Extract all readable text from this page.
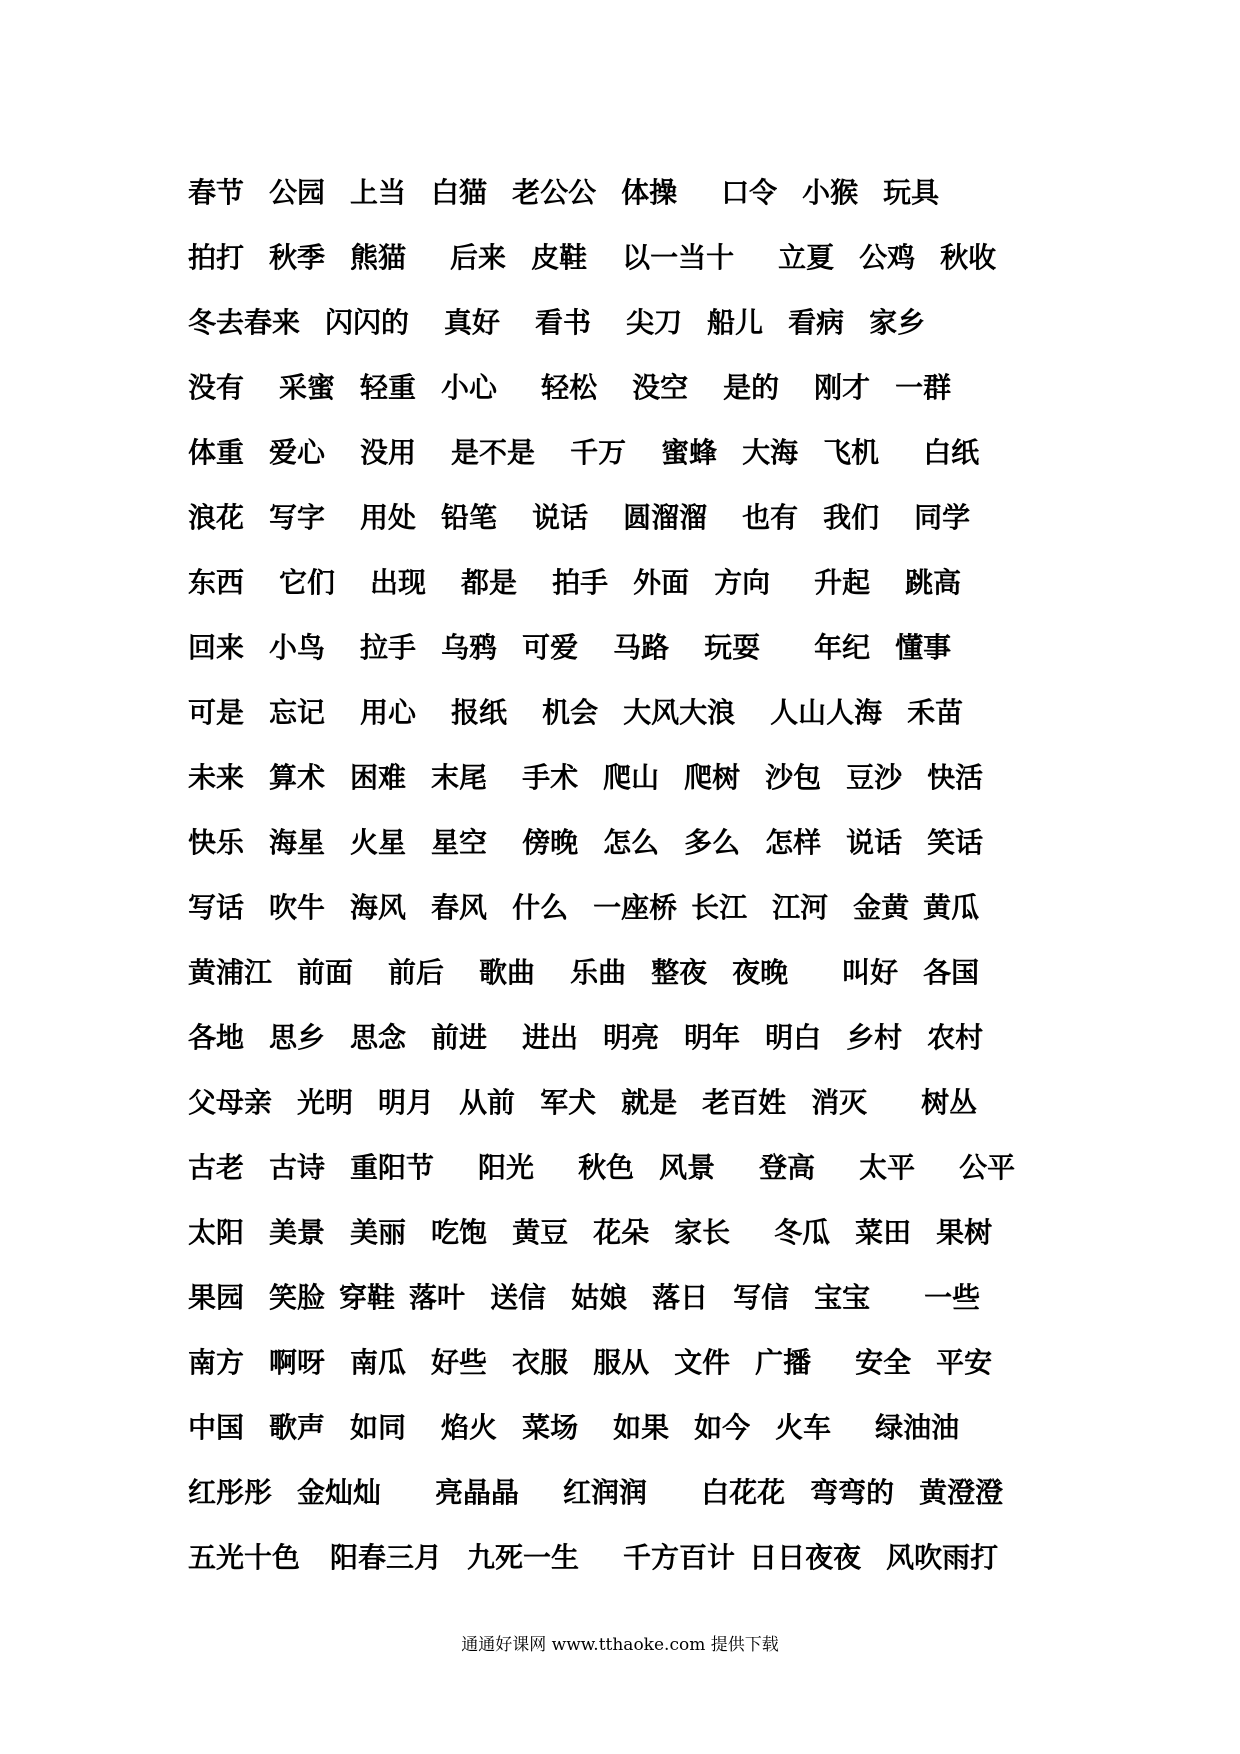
春节 公园 上当 白猫 老公公 体操 口令 小猴 玩具
拍打 秋季 熊猫 后来 皮鞋 以一当十 立夏 公鸡 秋收
冬去春来 闪闪的 真好 看书 尖刀 船儿 看病 家乡
没有 采蜜 轻重 小心 轻松 没空 是的 刚才 一群
体重 爱心 没用 是不是 千万 蜜蜂 大海 飞机 白纸
浪花 写字 用处 铅笔 说话 圆溜溜 也有 我们 同学
东西 它们 出现 都是 拍手 外面 方向 升起 跳高
回来 小鸟 拉手 乌鸦 可爱 马路 玩耍 年纪 懂事
可是 忘记 用心 报纸 机会 大风大浪 人山人海 禾苗
未来 算术 困难 末尾 手术 爬山 爬树 沙包 豆沙 快活
快乐 海星 火星 星空 傍晚 怎么 多么 怎样 说话 笑话
写话 吹牛 海风 春风 什么 一座桥 长江 江河 金黄 黄瓜
黄浦江 前面 前后 歌曲 乐曲 整夜 夜晚 叫好 各国
各地 思乡 思念 前进 进出 明亮 明年 明白 乡村 农村
父母亲 光明 明月 从前 军犬 就是 老百姓 消灭 树丛
古老 古诗 重阳节 阳光 秋色 风景 登高 太平 公平
太阳 美景 美丽 吃饱 黄豆 花朵 家长 冬瓜 菜田 果树
果园 笑脸 穿鞋 落叶 送信 姑娘 落日 写信 宝宝 一些
南方 啊呀 南瓜 好些 衣服 服从 文件 广播 安全 平安
中国 歌声 如同 焰火 菜场 如果 如今 火车 绿油油
红彤彤 金灿灿 亮晶晶 红润润 白花花 弯弯的 黄澄澄
五光十色 阳春三月 九死一生 千方百计 日日夜夜 风吹雨打
通通好课网 www.tthaoke.com 提供下载
